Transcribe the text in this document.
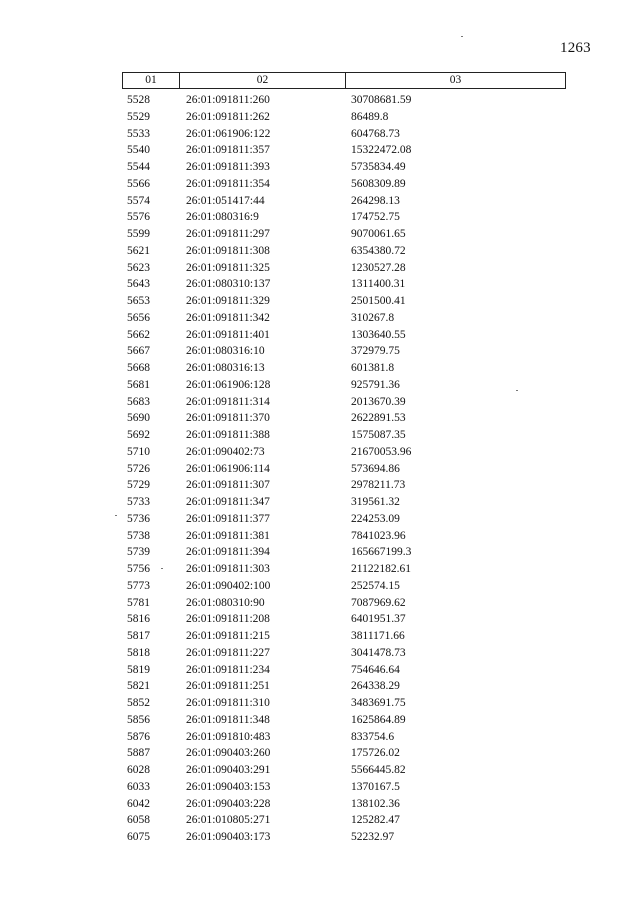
1263
01	02	03
5528	26:01:091811:260	30708681.59
5529	26:01:091811:262	86489.8
5533	26:01:061906:122	604768.73
5540	26:01:091811:357	15322472.08
5544	26:01:091811:393	5735834.49
5566	26:01:091811:354	5608309.89
5574	26:01:051417:44	264298.13
5576	26:01:080316:9	174752.75
5599	26:01:091811:297	9070061.65
5621	26:01:091811:308	6354380.72
5623	26:01:091811:325	1230527.28
5643	26:01:080310:137	1311400.31
5653	26:01:091811:329	2501500.41
5656	26:01:091811:342	310267.8
5662	26:01:091811:401	1303640.55
5667	26:01:080316:10	372979.75
5668	26:01:080316:13	601381.8
5681	26:01:061906:128	925791.36
5683	26:01:091811:314	2013670.39
5690	26:01:091811:370	2622891.53
5692	26:01:091811:388	1575087.35
5710	26:01:090402:73	21670053.96
5726	26:01:061906:114	573694.86
5729	26:01:091811:307	2978211.73
5733	26:01:091811:347	319561.32
5736	26:01:091811:377	224253.09
5738	26:01:091811:381	7841023.96
5739	26:01:091811:394	165667199.3
5756	26:01:091811:303	21122182.61
5773	26:01:090402:100	252574.15
5781	26:01:080310:90	7087969.62
5816	26:01:091811:208	6401951.37
5817	26:01:091811:215	3811171.66
5818	26:01:091811:227	3041478.73
5819	26:01:091811:234	754646.64
5821	26:01:091811:251	264338.29
5852	26:01:091811:310	3483691.75
5856	26:01:091811:348	1625864.89
5876	26:01:091810:483	833754.6
5887	26:01:090403:260	175726.02
6028	26:01:090403:291	5566445.82
6033	26:01:090403:153	1370167.5
6042	26:01:090403:228	138102.36
6058	26:01:010805:271	125282.47
6075	26:01:090403:173	52232.97
